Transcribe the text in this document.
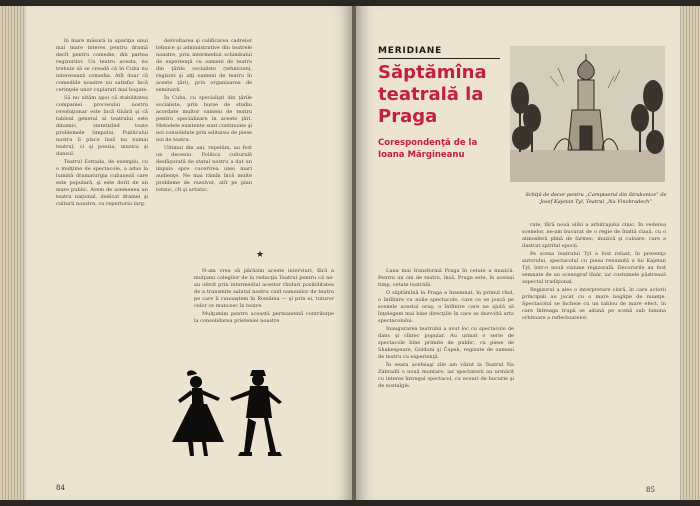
în mare măsură la apariţia unui mai mare interes pentru dramă decît pentru comedie, din partea regizorilor. Un teatru acesta, nu trebuie să se creadă că în Cuba nu interesează comedia. Atît doar că comediile noastre nu satisfac încă cerinţele unor cuplaturi mai bogate.

Să nu uităm apoi că stabilitatea companiei procesului nostru revoluţionar este încă tînără şi că tabloul general al teatrului este dinamic, sintetizînd toate problemele timpului. Publicului nostru îi place însă nu numai teatrul, ci şi poezia, muzica şi dansul.

Teatrul Estrada, de exemplu, cu o mulţime de spectacole, a adus la lumină dramaturgia cubaneză care este populară, şi este dorit de un mare public. Avem de asemenea un teatru naţional, dedicat dramei şi culturii noastre, cu repertoriu larg.

dezvoltarea şi calificarea cadrelor tehnice şi administrative din teatrele noastre, prin intermediul schimbului de experienţă cu oameni de teatru din ţările socialiste (tehnicieni, regizori şi alţi oameni de teatru în aceste ţări), prin organizarea de seminarii.

În Cuba, cu specialişti din ţările socialiste, prin burse de studiu acordate multor oameni de teatru pentru specializare în aceste ţări. Metodele existente sunt continuate şi noi consolidate prin editarea de piese noi de teatru.

Ultimul din ani, repetăm, au fost un deceniu. Politica culturală desfăşurată de statul nostru a dat un impuls spre cucerirea unei mari audienţe. Ne mai rămîn încă multe probleme de rezolvat, atît pe plan tehnic, cît şi artistic.

★

N-am vrea să părăsim aceste interviuri, fără a mulţumi colegilor de la redacţia Teatrul pentru că ne-au oferit prin intermediul acestor rînduri posibilitatea de a transmite salutul nostru cald oamenilor de teatru pe care îi cunoaştem în România — şi prin ei, tuturor celor ce muncesc în teatre.

Mulţumim pentru această permanentă contribuţie la consolidarea prieteniei noastre.

84
MERIDIANE
Săptămîna teatrală la Praga
Corespondenţă de la Ioana Mărgineanu
Schiţă de decor pentru „Campioerul din Strakonice” de Josef Kajetan Tyl, Teatrul „Na Vinohradech”

Luna mai transformă Praga în cetate a muzicii. Pentru un om de teatru, însă, Praga este, în același timp, cetate teatrală.

O săptămînă la Praga e însemnat, în primul rînd, o întîlnire cu noile spectacole, care ce se joacă pe scenele acestui oraş; o întîlnire care ne ajută să înţelegem mai bine direcţiile în care se dezvoltă arta spectacolului.

Inaugurarea teatrului a avut loc cu spectacole de dans şi cîntec popular. Au urmat o serie de spectacole bine primite de public, cu piese de Shakespeare, Goldoni şi Čapek, regizate de oameni de teatru cu experienţă.

În seara aceleiaşi zile am văzut la Teatrul Na Zábradlí o nouă montare, iar spectatorii au urmărit cu interes întregul spectacol, cu ecouri de bucurie şi de nostalgie.

rate, fără nouă alibi a arbitrajului cinic. În vederea scenelor, ne-am bucurat de o regie de înaltă clasă, cu o atmosferă plină de farmec, muzică şi culoare, care a ilustrat spiritul epocii.

Pe scena teatrului Tyl a fost reluat, în prezenţa autorului, spectacolul cu piesa renumită a lui Kajetan Tyl, într-o nouă viziune regizorală. Decorurile au fost semnate de un scenograf tînăr, iar costumele păstrează aspectul tradiţional.

Regizorul a ales o interpretare clară, în care actorii principali au jucat cu o mare bogăţie de nuanţe. Spectacolul se încheie cu un tablou de mare efect, în care întreaga trupă se adună pe scenă sub lumina orbitoare a reflectoarelor.

85
